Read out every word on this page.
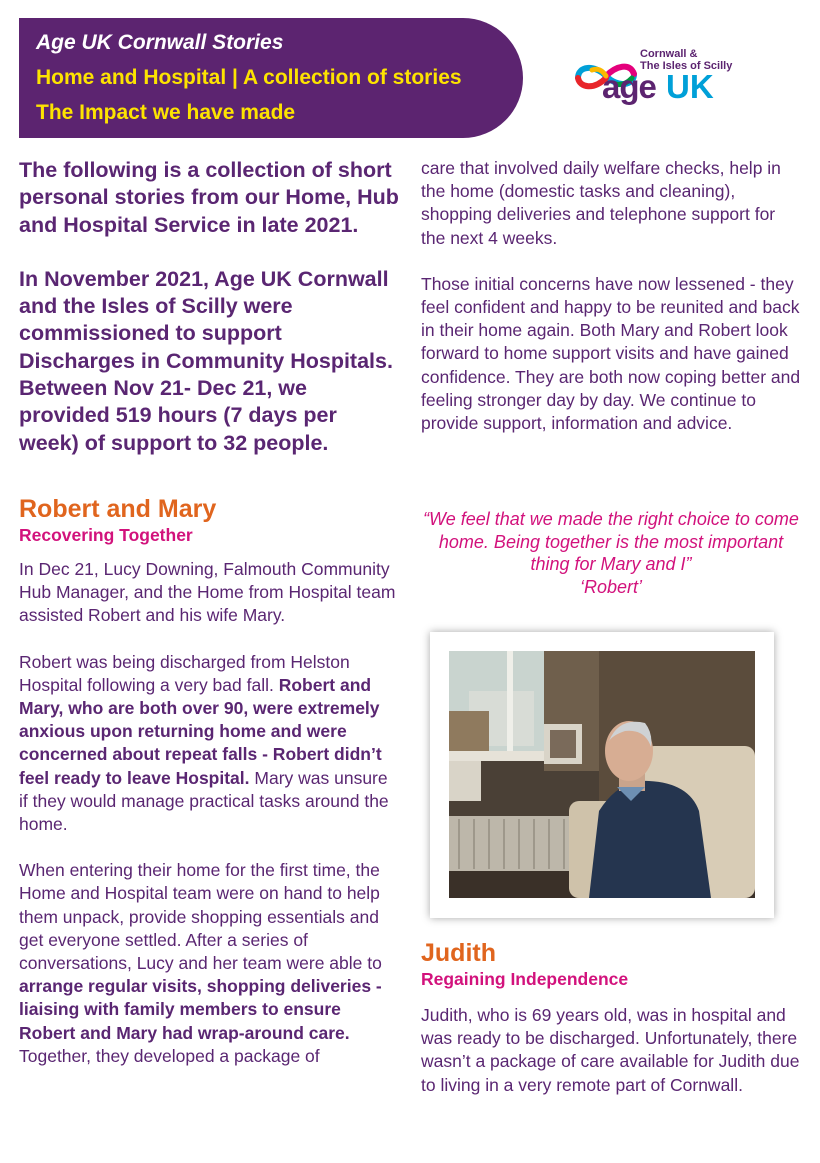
Age UK Cornwall Stories
Home and Hospital | A collection of stories
The Impact we have made
Cornwall &
The Isles of Scilly
age UK

The following is a collection of short personal stories from our Home, Hub and Hospital Service in late 2021.

In November 2021, Age UK Cornwall and the Isles of Scilly were commissioned to support Discharges in Community Hospitals. Between Nov 21- Dec 21, we provided 519 hours (7 days per week) of support to 32 people.

Robert and Mary

Recovering Together

In Dec 21, Lucy Downing, Falmouth Community Hub Manager, and the Home from Hospital team assisted Robert and his wife Mary.

Robert was being discharged from Helston Hospital following a very bad fall. Robert and Mary, who are both over 90, were extremely anxious upon returning home and were concerned about repeat falls - Robert didn’t feel ready to leave Hospital. Mary was unsure if they would manage practical tasks around the home.

When entering their home for the first time, the Home and Hospital team were on hand to help them unpack, provide shopping essentials and get everyone settled. After a series of conversations, Lucy and her team were able to arrange regular visits, shopping deliveries - liaising with family members to ensure Robert and Mary had wrap-around care. Together, they developed a package of

care that involved daily welfare checks, help in the home (domestic tasks and cleaning), shopping deliveries and telephone support for the next 4 weeks.

Those initial concerns have now lessened - they feel confident and happy to be reunited and back in their home again. Both Mary and Robert look forward to home support visits and have gained confidence. They are both now coping better and feeling stronger day by day. We continue to provide support, information and advice.

“We feel that we made the right choice to come home. Being together is the most important thing for Mary and I”
‘Robert’

Judith

Regaining Independence

Judith, who is 69 years old, was in hospital and was ready to be discharged. Unfortunately, there wasn’t a package of care available for Judith due to living in a very remote part of Cornwall.
